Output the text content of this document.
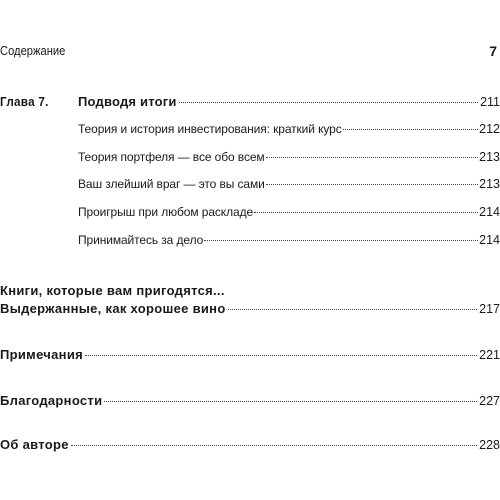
Содержание	7
Глава 7.	Подводя итоги	211
Теория и история инвестирования: краткий курс	212
Теория портфеля — все обо всем	213
Ваш злейший враг — это вы сами	213
Проигрыш при любом раскладе	214
Принимайтесь за дело	214
Книги, которые вам пригодятся...
Выдержанные, как хорошее вино	217
Примечания	221
Благодарности	227
Об авторе	228
